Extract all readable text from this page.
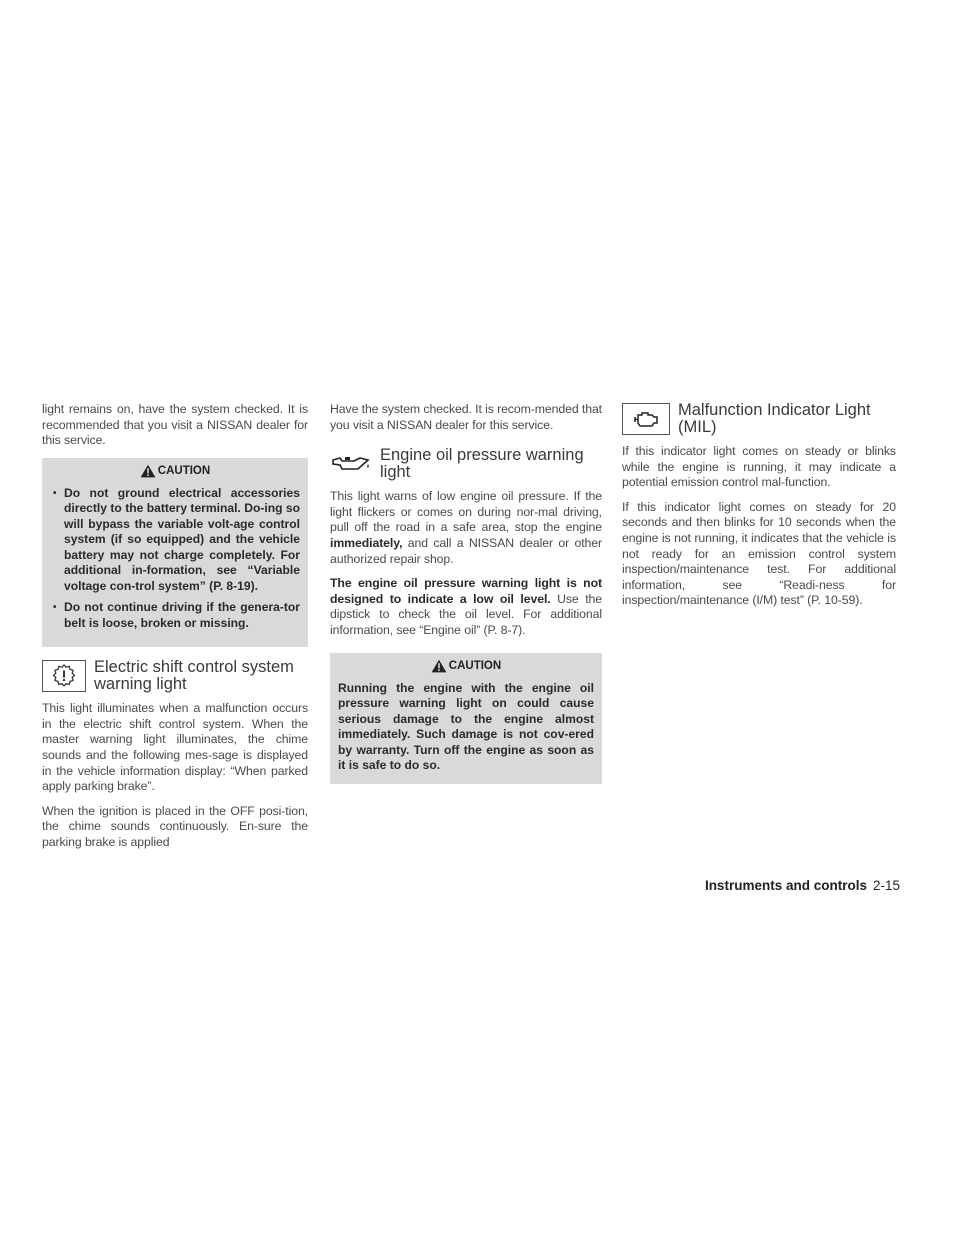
light remains on, have the system checked. It is recommended that you visit a NISSAN dealer for this service.

CAUTION
• Do not ground electrical accessories directly to the battery terminal. Do-ing so will bypass the variable volt-age control system (if so equipped) and the vehicle battery may not charge completely. For additional in-formation, see “Variable voltage con-trol system” (P. 8-19).
• Do not continue driving if the genera-tor belt is loose, broken or missing.
Electric shift control system warning light

This light illuminates when a malfunction occurs in the electric shift control system. When the master warning light illuminates, the chime sounds and the following mes-sage is displayed in the vehicle information display: “When parked apply parking brake”.

When the ignition is placed in the OFF posi-tion, the chime sounds continuously. En-sure the parking brake is applied

Have the system checked. It is recom-mended that you visit a NISSAN dealer for this service.

Engine oil pressure warning light

This light warns of low engine oil pressure. If the light flickers or comes on during nor-mal driving, pull off the road in a safe area, stop the engine immediately, and call a NISSAN dealer or other authorized repair shop.

The engine oil pressure warning light is not designed to indicate a low oil level. Use the dipstick to check the oil level. For additional information, see “Engine oil” (P. 8-7).

CAUTION

Running the engine with the engine oil pressure warning light on could cause serious damage to the engine almost immediately. Such damage is not cov-ered by warranty. Turn off the engine as soon as it is safe to do so.

Malfunction Indicator Light (MIL)

If this indicator light comes on steady or blinks while the engine is running, it may indicate a potential emission control mal-function.

If this indicator light comes on steady for 20 seconds and then blinks for 10 seconds when the engine is not running, it indicates that the vehicle is not ready for an emission control system inspection/maintenance test. For additional information, see “Readi-ness for inspection/maintenance (I/M) test” (P. 10-59).

Instruments and controls 2-15
